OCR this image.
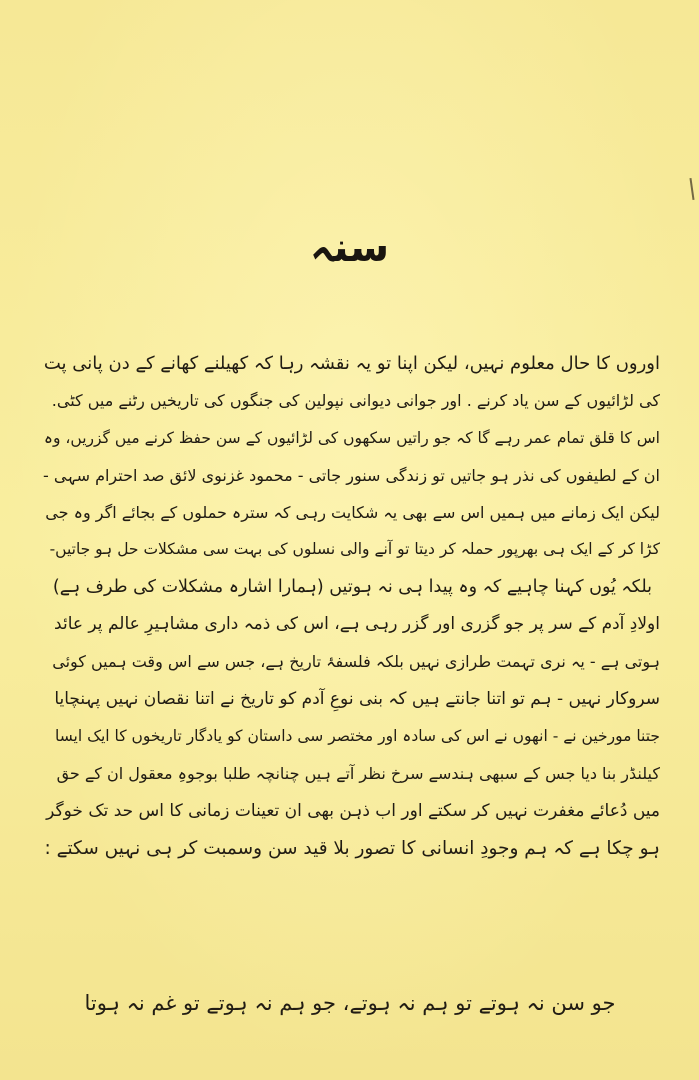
سنہ
اوروں کا حال معلوم نہیں، لیکن اپنا تو یہ نقشہ رہا کہ کھیلنے کھانے کے دن پانی پت
کی لڑائیوں کے سن یاد کرنے . اور جوانی دیوانی نپولین کی جنگوں کی تاریخیں رٹنے میں کٹی.
اس کا قلق تمام عمر رہے گا کہ جو راتیں سکھوں کی لڑائیوں کے سن حفظ کرنے میں گزریں، وہ
ان کے لطیفوں کی نذر ہو جاتیں تو زندگی سنور جاتی - محمود غزنوی لائق صد احترام سہی -
لیکن ایک زمانے میں ہمیں اس سے بھی یہ شکایت رہی کہ سترہ حملوں کے بجائے اگر وہ جی
کڑا کر کے ایک ہی بھرپور حملہ کر دیتا تو آنے والی نسلوں کی بہت سی مشکلات حل ہو جاتیں-
بلکہ یُوں کہنا چاہیے کہ وہ پیدا ہی نہ ہوتیں (ہمارا اشارہ مشکلات کی طرف ہے)
اولادِ آدم کے سر پر جو گزری اور گزر رہی ہے، اس کی ذمہ داری مشاہیرِ عالم پر عائد
ہوتی ہے - یہ نری تہمت طرازی نہیں بلکہ فلسفۂ تاریخ ہے، جس سے اس وقت ہمیں کوئی
سروکار نہیں - ہم تو اتنا جانتے ہیں کہ بنی نوعِ آدم کو تاریخ نے اتنا نقصان نہیں پہنچایا
جتنا مورخین نے - انھوں نے اس کی سادہ اور مختصر سی داستان کو یادگار تاریخوں کا ایک ایسا
کیلنڈر بنا دیا جس کے سبھی ہندسے سرخ نظر آتے ہیں چنانچہ طلبا بوجوہِ معقول ان کے حق
میں دُعائے مغفرت نہیں کر سکتے اور اب ذہن بھی ان تعینات زمانی کا اس حد تک خوگر
ہو چکا ہے کہ ہم وجودِ انسانی کا تصور بلا قید سن وسمبت کر ہی نہیں سکتے :
جو سن نہ ہوتے تو ہم نہ ہوتے، جو ہم نہ ہوتے تو غم نہ ہوتا
